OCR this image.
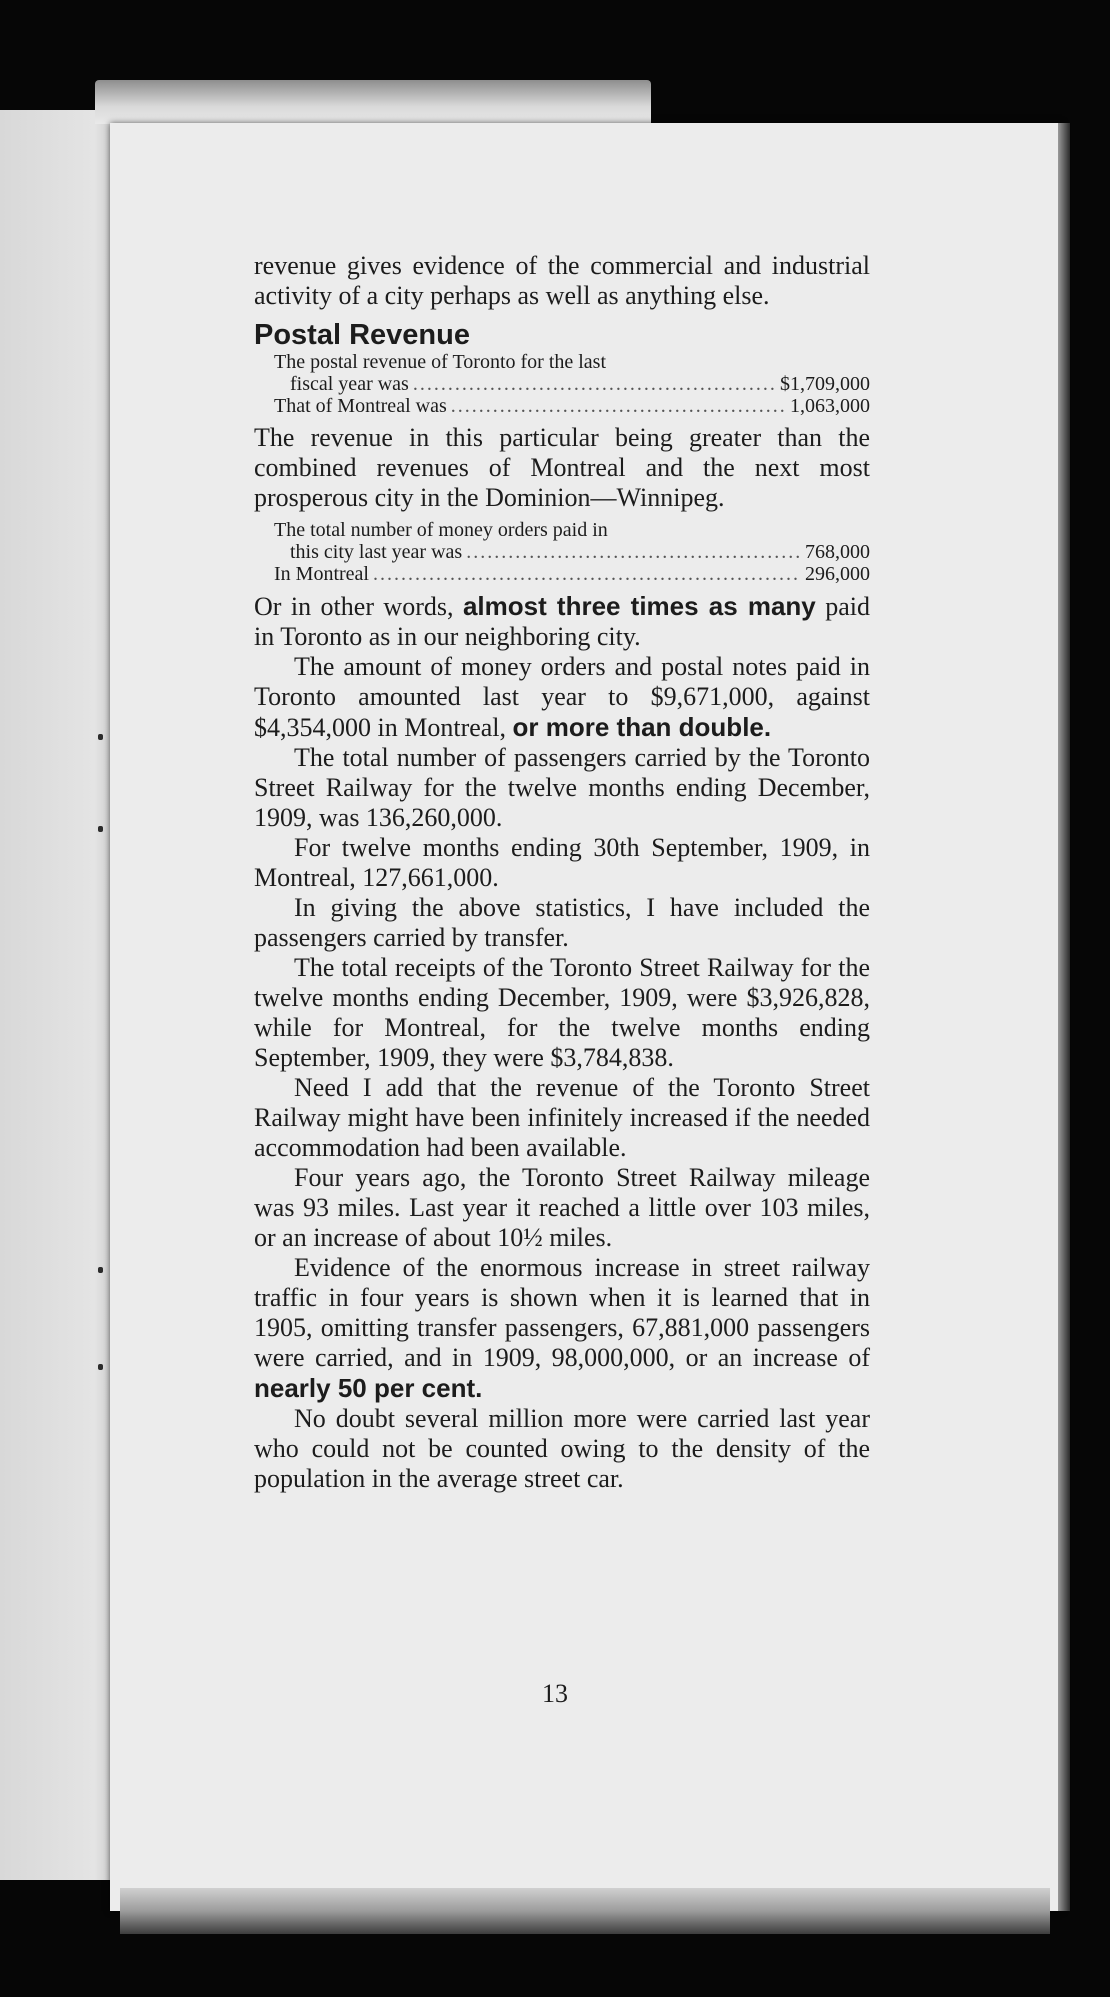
revenue gives evidence of the commercial and industrial activity of a city perhaps as well as anything else.

Postal Revenue

The postal revenue of Toronto for the last

fiscal year was .....	$1,709,000
That of Montreal was .....	1,063,000

The revenue in this particular being greater than the combined revenues of Montreal and the next most prosperous city in the Dominion—Winnipeg.

The total number of money orders paid in

this city last year was .....	768,000
In Montreal .....	296,000

Or in other words, almost three times as many paid in Toronto as in our neighboring city.

The amount of money orders and postal notes paid in Toronto amounted last year to $9,671,000, against $4,354,000 in Montreal, or more than double.

The total number of passengers carried by the Toronto Street Railway for the twelve months ending December, 1909, was 136,260,000.

For twelve months ending 30th September, 1909, in Montreal, 127,661,000.

In giving the above statistics, I have included the passengers carried by transfer.

The total receipts of the Toronto Street Railway for the twelve months ending December, 1909, were $3,926,828, while for Montreal, for the twelve months ending September, 1909, they were $3,784,838.

Need I add that the revenue of the Toronto Street Railway might have been infinitely increased if the needed accommodation had been available.

Four years ago, the Toronto Street Railway mileage was 93 miles. Last year it reached a little over 103 miles, or an increase of about 10½ miles.

Evidence of the enormous increase in street railway traffic in four years is shown when it is learned that in 1905, omitting transfer passengers, 67,881,000 passengers were carried, and in 1909, 98,000,000, or an increase of nearly 50 per cent.

No doubt several million more were carried last year who could not be counted owing to the density of the population in the average street car.

13
